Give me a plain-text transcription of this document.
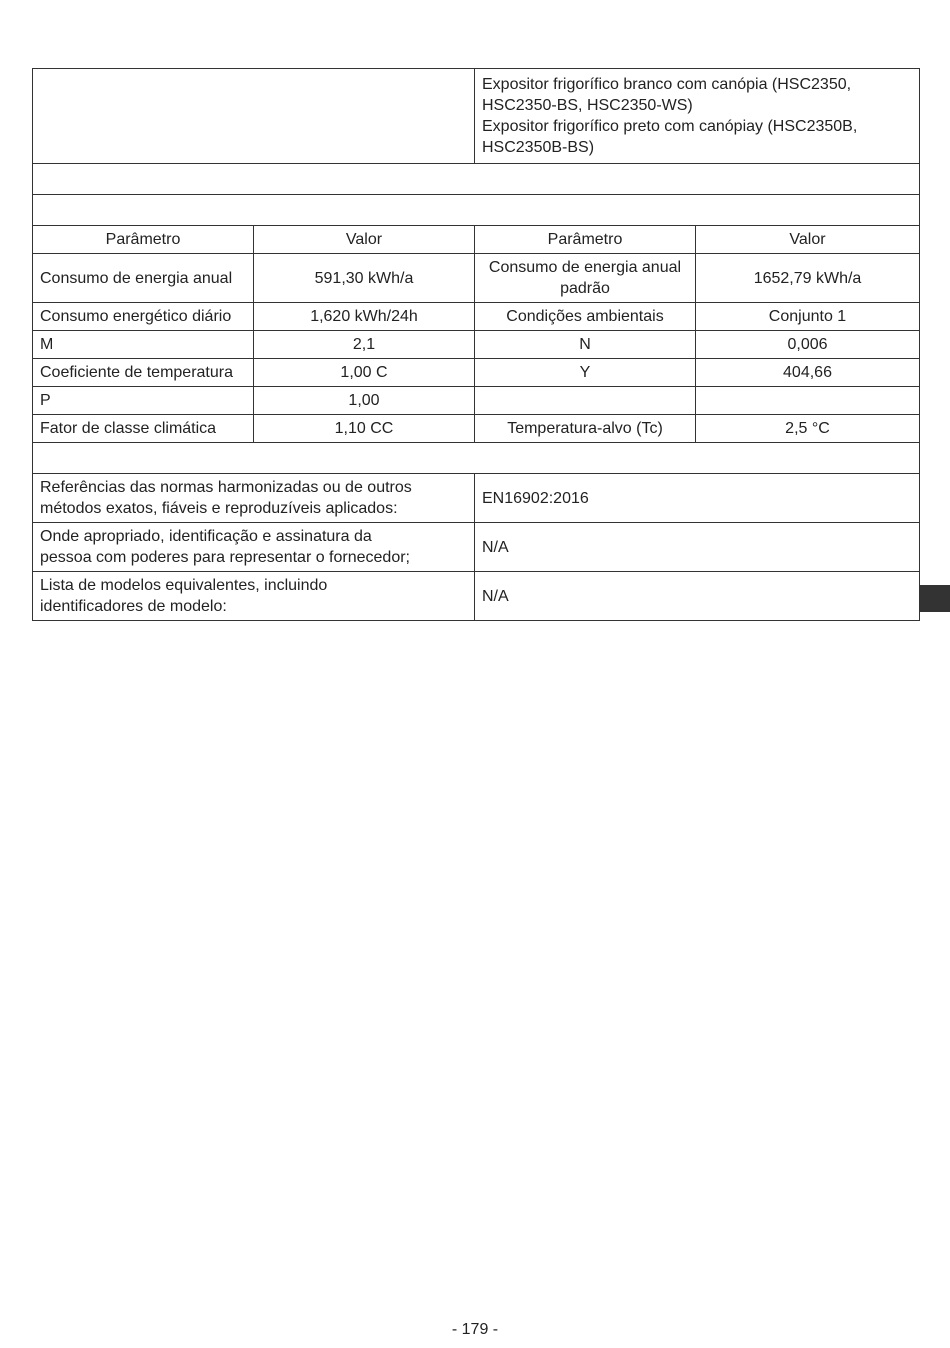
		Expositor frigorífico branco com canópia (HSC2350,
HSC2350-BS, HSC2350-WS)
Expositor frigorífico preto com canópiay (HSC2350B,
HSC2350B-BS)	

Parâmetro	Valor	Parâmetro	Valor
Consumo de energia anual	591,30 kWh/a	Consumo de energia anual padrão	1652,79 kWh/a
Consumo energético diário	1,620 kWh/24h	Condições ambientais	Conjunto 1
M	2,1	N	0,006
Coeficiente de temperatura	1,00 C	Y	404,66
P	1,00		
Fator de classe climática	1,10 CC	Temperatura-alvo (Tc)	2,5 °C

Referências das normas harmonizadas ou de outros
métodos exatos, fiáveis e reproduzíveis aplicados:		EN16902:2016	

Onde apropriado, identificação e assinatura da
pessoa com poderes para representar o fornecedor;		N/A	

Lista de modelos equivalentes, incluindo
identificadores de modelo:		N/A	
- 179 -
